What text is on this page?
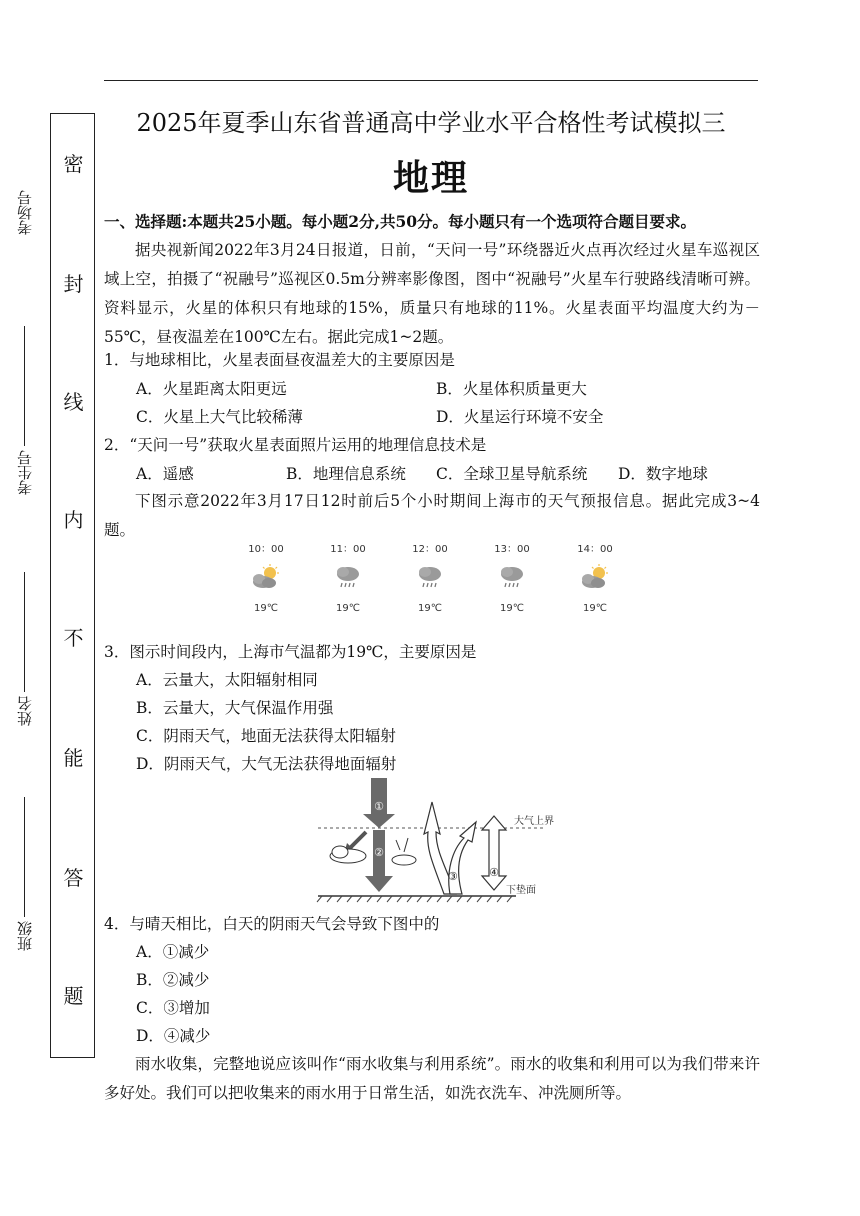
考场号
考生号
姓名
班级
密
封
线
内
不
能
答
题
2025年夏季山东省普通高中学业水平合格性考试模拟三
地理
一、选择题:本题共25小题。每小题2分,共50分。每小题只有一个选项符合题目要求。

据央视新闻2022年3月24日报道，日前，“天问一号”环绕器近火点再次经过火星车巡视区域上空，拍摄了“祝融号”巡视区0.5m分辨率影像图，图中“祝融号”火星车行驶路线清晰可辨。资料显示，火星的体积只有地球的15%，质量只有地球的11%。火星表面平均温度大约为－55℃，昼夜温差在100℃左右。据此完成1~2题。

1．与地球相比，火星表面昼夜温差大的主要原因是
A．火星距离太阳更远	B．火星体积质量更大
C．火星上大气比较稀薄	D．火星运行环境不安全
2．“天问一号”获取火星表面照片运用的地理信息技术是
A．遥感	B．地理信息系统 C．全球卫星导航系统 D．数字地球

下图示意2022年3月17日12时前后5个小时期间上海市的天气预报信息。据此完成3~4题。

10：00
19℃
11：00
19℃
12：00
19℃
13：00
19℃
14：00
19℃
3．图示时间段内，上海市气温都为19℃，主要原因是
A．云量大，太阳辐射相同
B．云量大，大气保温作用强
C．阴雨天气，地面无法获得太阳辐射
D．阴雨天气，大气无法获得地面辐射
大气上界
下垫面
①
②
③	④
4．与晴天相比，白天的阴雨天气会导致下图中的
A．①减少
B．②减少
C．③增加
D．④减少

雨水收集，完整地说应该叫作“雨水收集与利用系统”。雨水的收集和利用可以为我们带来许多好处。我们可以把收集来的雨水用于日常生活，如洗衣洗车、冲洗厕所等。
